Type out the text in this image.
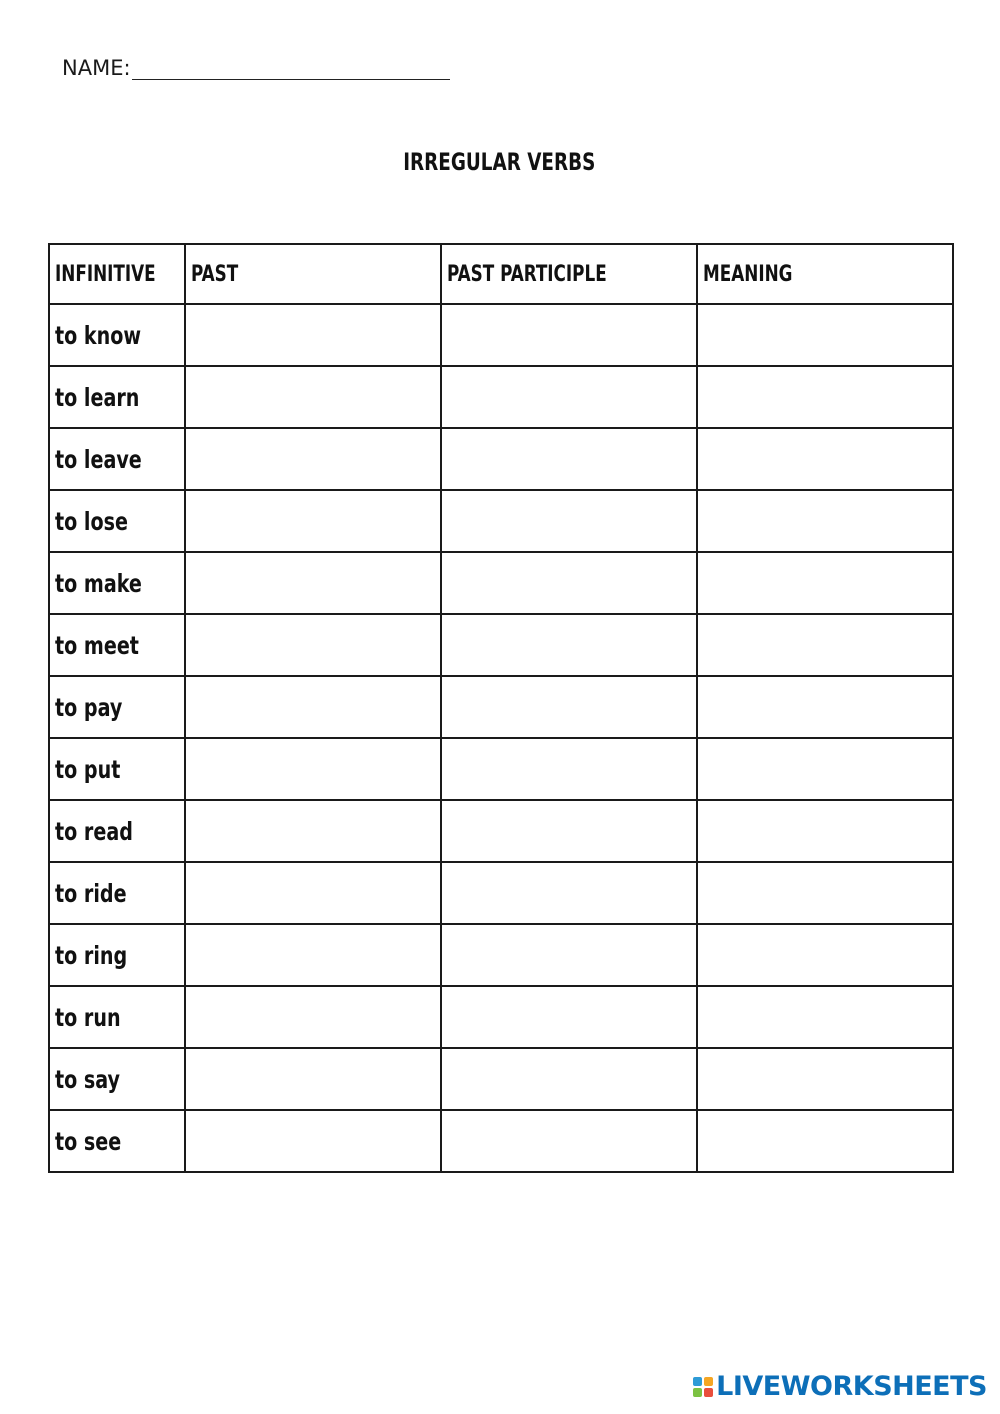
NAME:
IRREGULAR VERBS
INFINITIVE	PAST	PAST PARTICIPLE	MEANING
to know			
to learn			
to leave			
to lose			
to make			
to meet			
to pay			
to put			
to read			
to ride			
to ring			
to run			
to say			
to see			
LIVEWORKSHEETS
